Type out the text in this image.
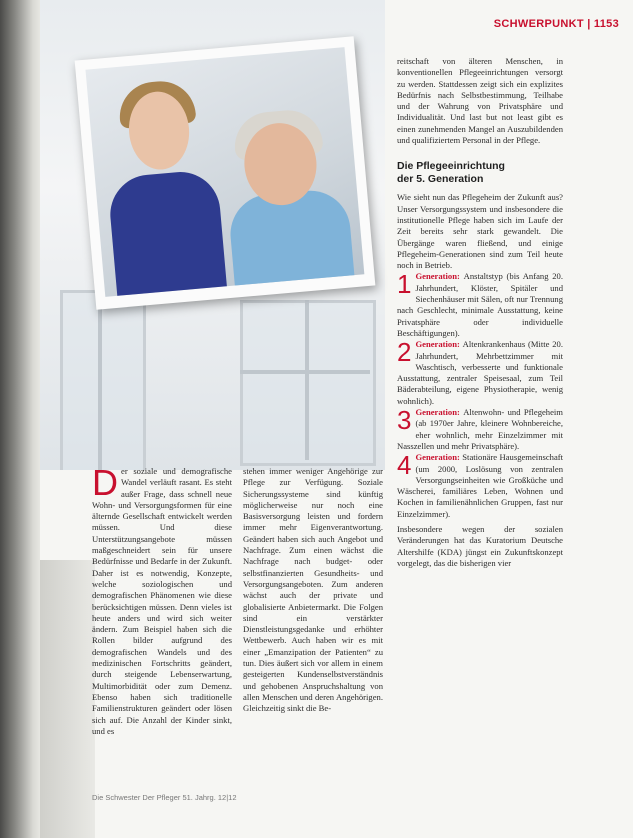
SCHWERPUNKT | 1153
D er soziale und demografische Wandel verläuft rasant. Es steht außer Frage, dass schnell neue Wohn- und Versorgungsformen für eine älternde Gesellschaft entwickelt werden müssen. Und diese Unterstützungsangebote müssen maßgeschneidert sein für unsere Bedürfnisse und Bedarfe in der Zukunft. Daher ist es notwendig, Konzepte, welche soziologischen und demografischen Phänomenen wie diese berücksichtigen müssen. Denn vieles ist heute anders und wird sich weiter ändern. Zum Beispiel haben sich die Rollen bilder aufgrund des demografischen Wandels und des medizinischen Fortschritts geändert, durch steigende Lebenserwartung, Multimorbidität oder zum Demenz. Ebenso haben sich traditionelle Familienstrukturen geändert oder lösen sich auf. Die Anzahl der Kinder sinkt, und es
stehen immer weniger Angehörige zur Pflege zur Verfügung. Soziale Sicherungssysteme sind künftig möglicherweise nur noch eine Basisversorgung leisten und fordern immer mehr Eigenverantwortung. Geändert haben sich auch Angebot und Nachfrage. Zum einen wächst die Nachfrage nach budget- oder selbstfinanzierten Gesundheits- und Versorgungsangeboten. Zum anderen wächst auch der private und globalisierte Anbietermarkt. Die Folgen sind ein verstärkter Dienstleistungsgedanke und erhöhter Wettbewerb. Auch haben wir es mit einer „Emanzipation der Patienten“ zu tun. Dies äußert sich vor allem in einem gesteigerten Kundenselbstverständnis und gehobenen Anspruchshaltung von allen Menschen und deren Angehörigen. Gleichzeitig sinkt die Be-

reitschaft von älteren Menschen, in konventionellen Pflegeeinrichtungen versorgt zu werden. Stattdessen zeigt sich ein explizites Bedürfnis nach Selbstbestimmung, Teilhabe und der Wahrung von Privatsphäre und Individualität. Und last but not least gibt es einen zunehmenden Mangel an Auszubildenden und qualifiziertem Personal in der Pflege.

Die Pflegeeinrichtung
der 5. Generation

Wie sieht nun das Pflegeheim der Zukunft aus? Unser Versorgungssystem und insbesondere die institutionelle Pflege haben sich im Laufe der Zeit bereits sehr stark gewandelt. Die Übergänge waren fließend, und einige Pflegeheim-Generationen sind zum Teil heute noch in Betrieb.

1 Generation: Anstaltstyp (bis Anfang 20. Jahrhundert, Klöster, Spitäler und Siechenhäuser mit Sälen, oft nur Trennung nach Geschlecht, minimale Ausstattung, keine Privatsphäre oder individuelle Beschäftigungen).

2 Generation: Altenkrankenhaus (Mitte 20. Jahrhundert, Mehrbettzimmer mit Waschtisch, verbesserte und funktionale Ausstattung, zentraler Speisesaal, zum Teil Bäderabteilung, eigene Physiotherapie, wenig wohnlich).

3 Generation: Altenwohn- und Pflegeheim (ab 1970er Jahre, kleinere Wohnbereiche, eher wohnlich, mehr Einzelzimmer mit Nasszellen und mehr Privatsphäre).

4 Generation: Stationäre Hausgemeinschaft (um 2000, Loslösung von zentralen Versorgungseinheiten wie Großküche und Wäscherei, familiäres Leben, Wohnen und Kochen in familienähnlichen Gruppen, fast nur Einzelzimmer).

Insbesondere wegen der sozialen Veränderungen hat das Kuratorium Deutsche Altershilfe (KDA) jüngst ein Zukunftskonzept vorgelegt, das die bisherigen vier

Die Schwester Der Pfleger 51. Jahrg. 12|12
